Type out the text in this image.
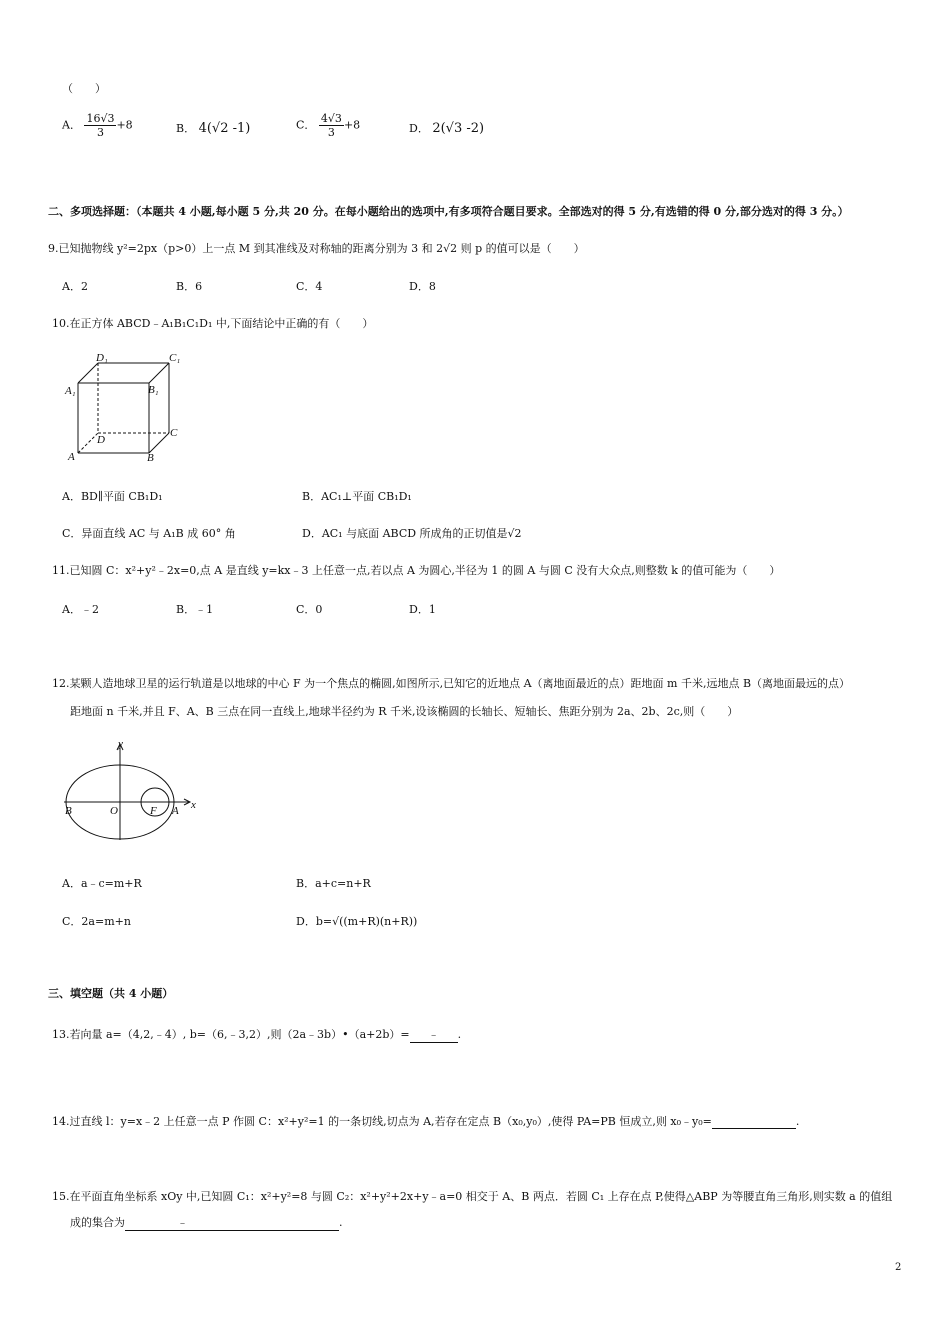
（　　）
A． $\frac{16√3}{3} +8$	B． 4(√2 -1)	C． $\frac{4√3}{3} +8$	D． 2(√3 -2)
二、多项选择题：（本题共 4 小题,每小题 5 分,共 20 分。在每小题给出的选项中,有多项符合题目要求。全部选对的得 5 分,有选错的得 0 分,部分选对的得 3 分。）
9.已知抛物线 y²=2px（p>0）上一点 M 到其准线及对称轴的距离分别为 3 和 2√2 则 p 的值可以是（　　）
A．2	B．6	C．4	D．8
10.在正方体 ABCD﹣A₁B₁C₁D₁ 中,下面结论中正确的有（　　）
D₁	C₁
A₁	B₁
C
D
A	B
A．BD∥平面 CB₁D₁	B．AC₁⊥平面 CB₁D₁
C．异面直线 AC 与 A₁B 成 60° 角	D．AC₁ 与底面 ABCD 所成角的正切值是√2
11.已知圆 C：x²+y²﹣2x=0,点 A 是直线 y=kx﹣3 上任意一点,若以点 A 为圆心,半径为 1 的圆 A 与圆 C 没有大众点,则整数 k 的值可能为（　　）
A．﹣2	B．﹣1	C．0	D．1
12.某颗人造地球卫星的运行轨道是以地球的中心 F 为一个焦点的椭圆,如图所示,已知它的近地点 A（离地面最近的点）距地面 m 千米,远地点 B（离地面最远的点）
距地面 n 千米,并且 F、A、B 三点在同一直线上,地球半径约为 R 千米,设该椭圆的长轴长、短轴长、焦距分别为 2a、2b、2c,则（　　）
y
x
B	O	F A
A．a﹣c=m+R	B．a+c=n+R
C．2a=m+n	D．b=√((m+R)(n+R))
三、填空题（共 4 小题）
13.若向量 a=（4,2,﹣4）, b=（6,﹣3,2）,则（2a﹣3b）•（a+2b）= ﹣ .
14.过直线 l：y=x﹣2 上任意一点 P 作圆 C：x²+y²=1 的一条切线,切点为 A,若存在定点 B（x₀,y₀）,使得 PA=PB 恒成立,则 x₀﹣y₀=	.
15.在平面直角坐标系 xOy 中,已知圆 C₁：x²+y²=8 与圆 C₂：x²+y²+2x+y﹣a=0 相交于 A、B 两点．若圆 C₁ 上存在点 P,使得△ABP 为等腰直角三角形,则实数 a 的值组
成的集合为	﹣	.
2
